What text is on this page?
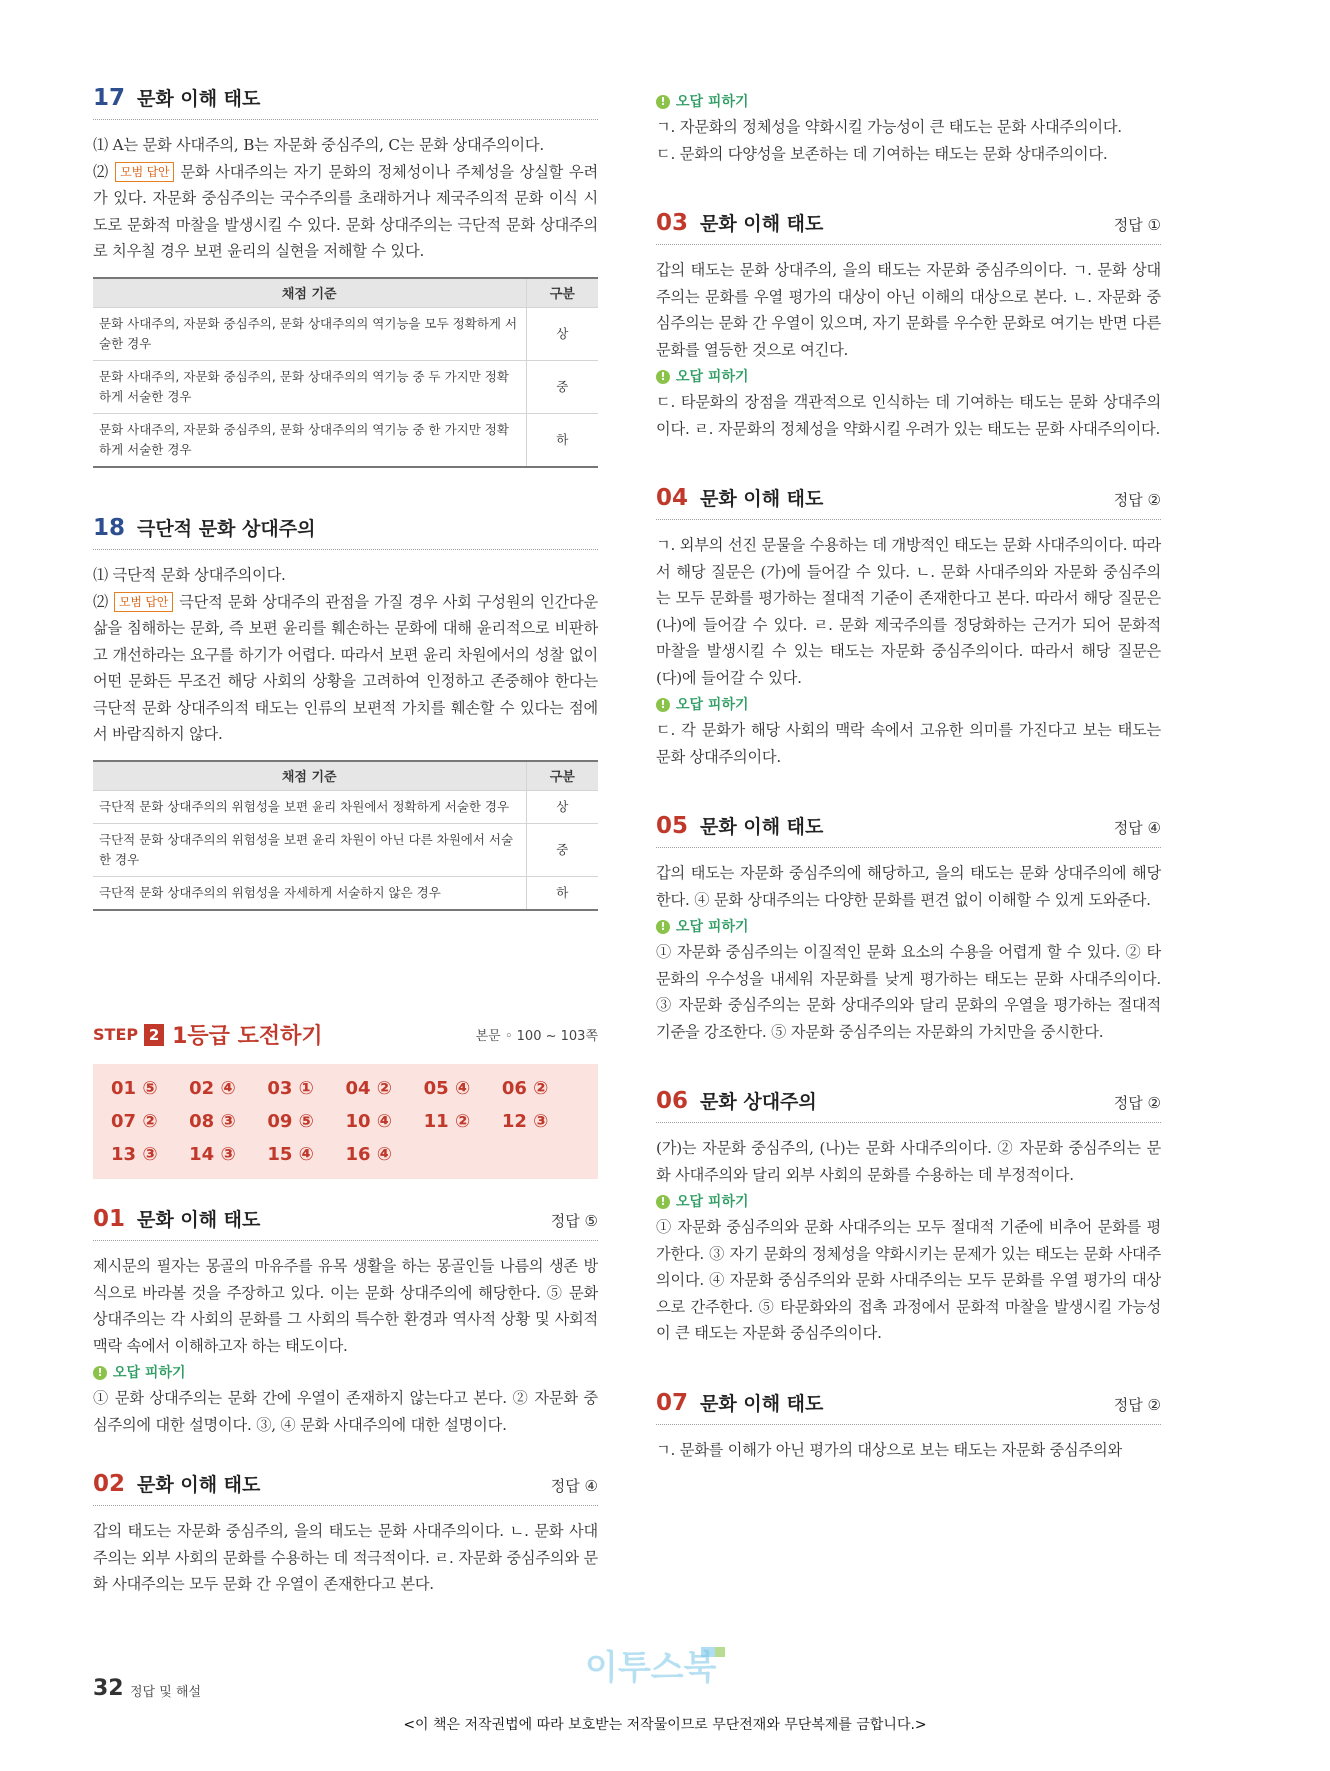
17 문화 이해 태도

⑴ A는 문화 사대주의, B는 자문화 중심주의, C는 문화 상대주의이다.

⑵ 모범 답안 문화 사대주의는 자기 문화의 정체성이나 주체성을 상실할 우려가 있다. 자문화 중심주의는 국수주의를 초래하거나 제국주의적 문화 이식 시도로 문화적 마찰을 발생시킬 수 있다. 문화 상대주의는 극단적 문화 상대주의로 치우칠 경우 보편 윤리의 실현을 저해할 수 있다.

채점 기준	구분
문화 사대주의, 자문화 중심주의, 문화 상대주의의 역기능을 모두 정확하게 서술한 경우	상
문화 사대주의, 자문화 중심주의, 문화 상대주의의 역기능 중 두 가지만 정확하게 서술한 경우	중
문화 사대주의, 자문화 중심주의, 문화 상대주의의 역기능 중 한 가지만 정확하게 서술한 경우	하
18 극단적 문화 상대주의

⑴ 극단적 문화 상대주의이다.

⑵ 모범 답안 극단적 문화 상대주의 관점을 가질 경우 사회 구성원의 인간다운 삶을 침해하는 문화, 즉 보편 윤리를 훼손하는 문화에 대해 윤리적으로 비판하고 개선하라는 요구를 하기가 어렵다. 따라서 보편 윤리 차원에서의 성찰 없이 어떤 문화든 무조건 해당 사회의 상황을 고려하여 인정하고 존중해야 한다는 극단적 문화 상대주의적 태도는 인류의 보편적 가치를 훼손할 수 있다는 점에서 바람직하지 않다.

채점 기준	구분
극단적 문화 상대주의의 위험성을 보편 윤리 차원에서 정확하게 서술한 경우	상
극단적 문화 상대주의의 위험성을 보편 윤리 차원이 아닌 다른 차원에서 서술한 경우	중
극단적 문화 상대주의의 위험성을 자세하게 서술하지 않은 경우	하
STEP 2 1등급 도전하기	본문 ◦ 100 ~ 103쪽
01 ⑤	02 ④	03 ①	04 ②	05 ④	06 ②
07 ②	08 ③	09 ⑤	10 ④	11 ②	12 ③
13 ③	14 ③	15 ④	16 ④
01 문화 이해 태도	정답 ⑤

제시문의 필자는 몽골의 마유주를 유목 생활을 하는 몽골인들 나름의 생존 방식으로 바라볼 것을 주장하고 있다. 이는 문화 상대주의에 해당한다. ⑤ 문화 상대주의는 각 사회의 문화를 그 사회의 특수한 환경과 역사적 상황 및 사회적 맥락 속에서 이해하고자 하는 태도이다.

! 오답 피하기

① 문화 상대주의는 문화 간에 우열이 존재하지 않는다고 본다. ② 자문화 중심주의에 대한 설명이다. ③, ④ 문화 사대주의에 대한 설명이다.

02 문화 이해 태도	정답 ④

갑의 태도는 자문화 중심주의, 을의 태도는 문화 사대주의이다. ㄴ. 문화 사대주의는 외부 사회의 문화를 수용하는 데 적극적이다. ㄹ. 자문화 중심주의와 문화 사대주의는 모두 문화 간 우열이 존재한다고 본다.

! 오답 피하기

ㄱ. 자문화의 정체성을 약화시킬 가능성이 큰 태도는 문화 사대주의이다.

ㄷ. 문화의 다양성을 보존하는 데 기여하는 태도는 문화 상대주의이다.

03 문화 이해 태도	정답 ①

갑의 태도는 문화 상대주의, 을의 태도는 자문화 중심주의이다. ㄱ. 문화 상대주의는 문화를 우열 평가의 대상이 아닌 이해의 대상으로 본다. ㄴ. 자문화 중심주의는 문화 간 우열이 있으며, 자기 문화를 우수한 문화로 여기는 반면 다른 문화를 열등한 것으로 여긴다.

! 오답 피하기

ㄷ. 타문화의 장점을 객관적으로 인식하는 데 기여하는 태도는 문화 상대주의이다. ㄹ. 자문화의 정체성을 약화시킬 우려가 있는 태도는 문화 사대주의이다.

04 문화 이해 태도	정답 ②

ㄱ. 외부의 선진 문물을 수용하는 데 개방적인 태도는 문화 사대주의이다. 따라서 해당 질문은 (가)에 들어갈 수 있다. ㄴ. 문화 사대주의와 자문화 중심주의는 모두 문화를 평가하는 절대적 기준이 존재한다고 본다. 따라서 해당 질문은 (나)에 들어갈 수 있다. ㄹ. 문화 제국주의를 정당화하는 근거가 되어 문화적 마찰을 발생시킬 수 있는 태도는 자문화 중심주의이다. 따라서 해당 질문은 (다)에 들어갈 수 있다.

! 오답 피하기

ㄷ. 각 문화가 해당 사회의 맥락 속에서 고유한 의미를 가진다고 보는 태도는 문화 상대주의이다.

05 문화 이해 태도	정답 ④

갑의 태도는 자문화 중심주의에 해당하고, 을의 태도는 문화 상대주의에 해당한다. ④ 문화 상대주의는 다양한 문화를 편견 없이 이해할 수 있게 도와준다.

! 오답 피하기

① 자문화 중심주의는 이질적인 문화 요소의 수용을 어렵게 할 수 있다. ② 타문화의 우수성을 내세워 자문화를 낮게 평가하는 태도는 문화 사대주의이다. ③ 자문화 중심주의는 문화 상대주의와 달리 문화의 우열을 평가하는 절대적 기준을 강조한다. ⑤ 자문화 중심주의는 자문화의 가치만을 중시한다.

06 문화 상대주의	정답 ②

(가)는 자문화 중심주의, (나)는 문화 사대주의이다. ② 자문화 중심주의는 문화 사대주의와 달리 외부 사회의 문화를 수용하는 데 부정적이다.

! 오답 피하기

① 자문화 중심주의와 문화 사대주의는 모두 절대적 기준에 비추어 문화를 평가한다. ③ 자기 문화의 정체성을 약화시키는 문제가 있는 태도는 문화 사대주의이다. ④ 자문화 중심주의와 문화 사대주의는 모두 문화를 우열 평가의 대상으로 간주한다. ⑤ 타문화와의 접촉 과정에서 문화적 마찰을 발생시킬 가능성이 큰 태도는 자문화 중심주의이다.

07 문화 이해 태도	정답 ②

ㄱ. 문화를 이해가 아닌 평가의 대상으로 보는 태도는 자문화 중심주의와

32 정답 및 해설
이투스북
<이 책은 저작권법에 따라 보호받는 저작물이므로 무단전재와 무단복제를 금합니다.>
